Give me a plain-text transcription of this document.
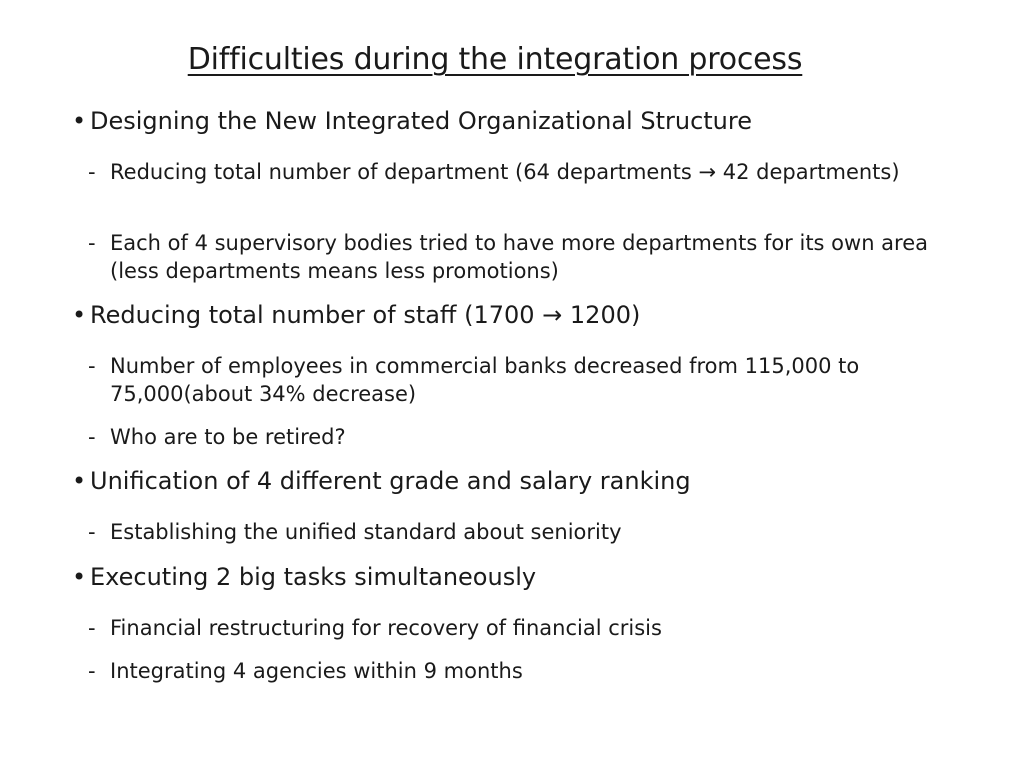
Difficulties during the integration process
• Designing the New Integrated Organizational Structure
- Reducing total number of department (64 departments → 42 departments)
- Each of 4 supervisory bodies tried to have more departments for its own area (less departments means less promotions)
• Reducing total number of staff (1700 → 1200)
- Number of employees in commercial banks decreased from 115,000 to 75,000(about 34% decrease)
- Who are to be retired?
• Unification of 4 different grade and salary ranking
- Establishing the unified standard about seniority
• Executing 2 big tasks simultaneously
- Financial restructuring for recovery of financial crisis
- Integrating 4 agencies within 9 months
